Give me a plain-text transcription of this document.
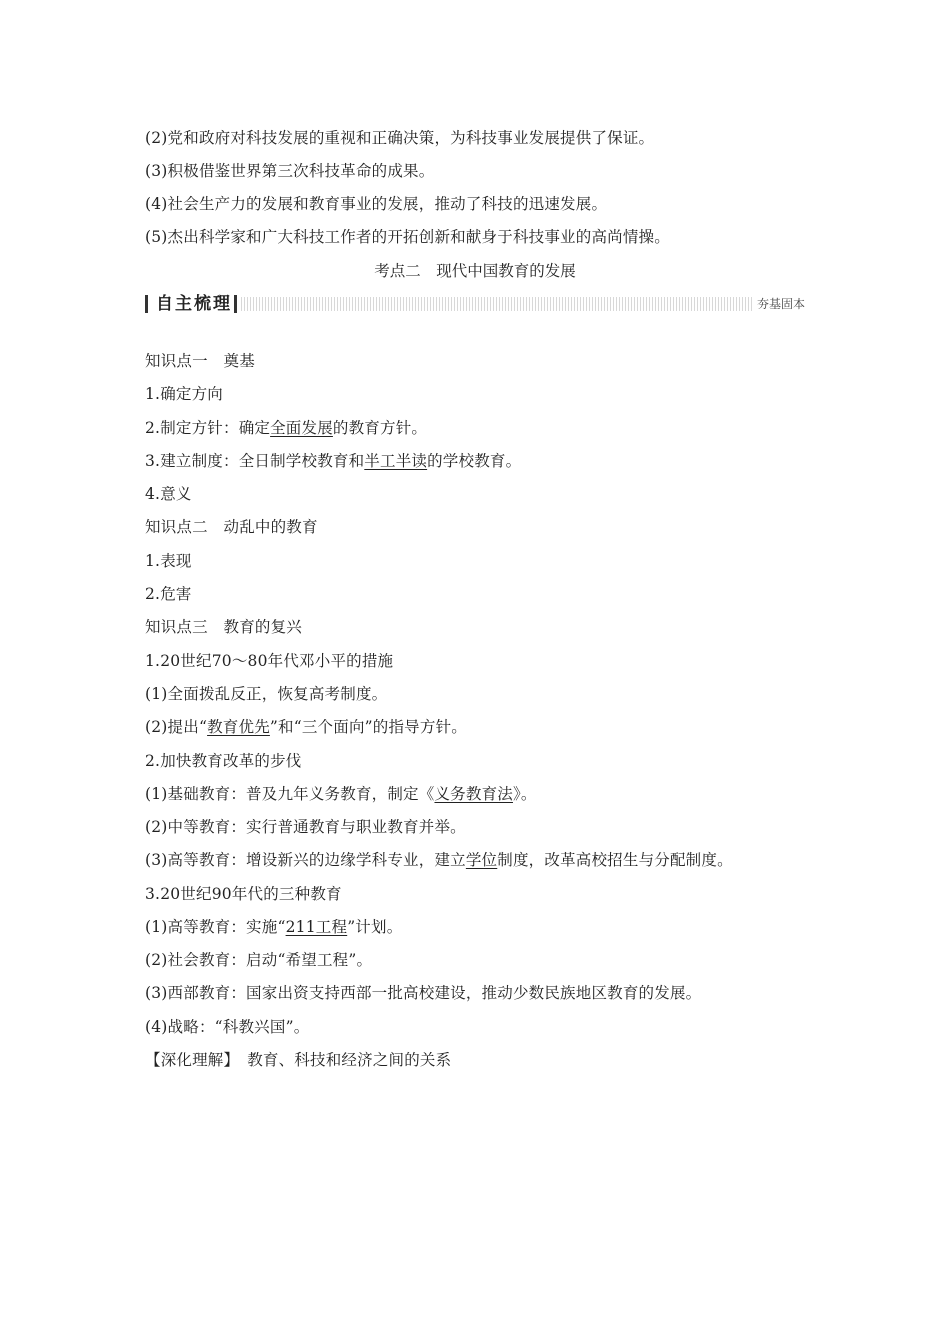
(2)党和政府对科技发展的重视和正确决策，为科技事业发展提供了保证。
(3)积极借鉴世界第三次科技革命的成果。
(4)社会生产力的发展和教育事业的发展，推动了科技的迅速发展。
(5)杰出科学家和广大科技工作者的开拓创新和献身于科技事业的高尚情操。
考点二　现代中国教育的发展
自主梳理	夯基固本
知识点一　奠基
1.确定方向
2.制定方针：确定全面发展的教育方针。
3.建立制度：全日制学校教育和半工半读的学校教育。
4.意义
知识点二　动乱中的教育
1.表现
2.危害
知识点三　教育的复兴
1.20世纪70～80年代邓小平的措施
(1)全面拨乱反正，恢复高考制度。
(2)提出“教育优先”和“三个面向”的指导方针。
2.加快教育改革的步伐
(1)基础教育：普及九年义务教育，制定《义务教育法》。
(2)中等教育：实行普通教育与职业教育并举。
(3)高等教育：增设新兴的边缘学科专业，建立学位制度，改革高校招生与分配制度。
3.20世纪90年代的三种教育
(1)高等教育：实施“211工程”计划。
(2)社会教育：启动“希望工程”。
(3)西部教育：国家出资支持西部一批高校建设，推动少数民族地区教育的发展。
(4)战略：“科教兴国”。
【深化理解】 教育、科技和经济之间的关系
